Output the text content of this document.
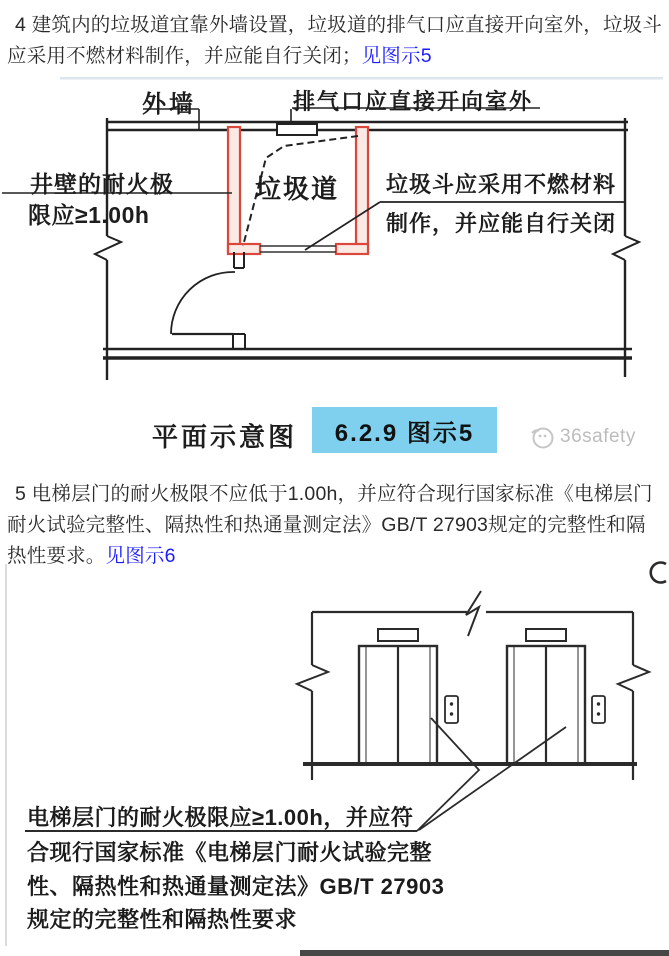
4 建筑内的垃圾道宜靠外墙设置，垃圾道的排气口应直接开向室外，垃圾斗应采用不燃材料制作，并应能自行关闭；见图示5
5 电梯层门的耐火极限不应低于1.00h，并应符合现行国家标准《电梯层门耐火试验完整性、隔热性和热通量测定法》GB/T 27903规定的完整性和隔热性要求。见图示6
外墙	排气口应直接开向室外
井壁的耐火极
限应≥1.00h
垃圾道 垃圾斗应采用不燃材料
制作，并应能自行关闭
平面示意图	6.2.9 图示5	36safety
电梯层门的耐火极限应≥1.00h，并应符
合现行国家标准《电梯层门耐火试验完整
性、隔热性和热通量测定法》GB/T 27903
规定的完整性和隔热性要求
